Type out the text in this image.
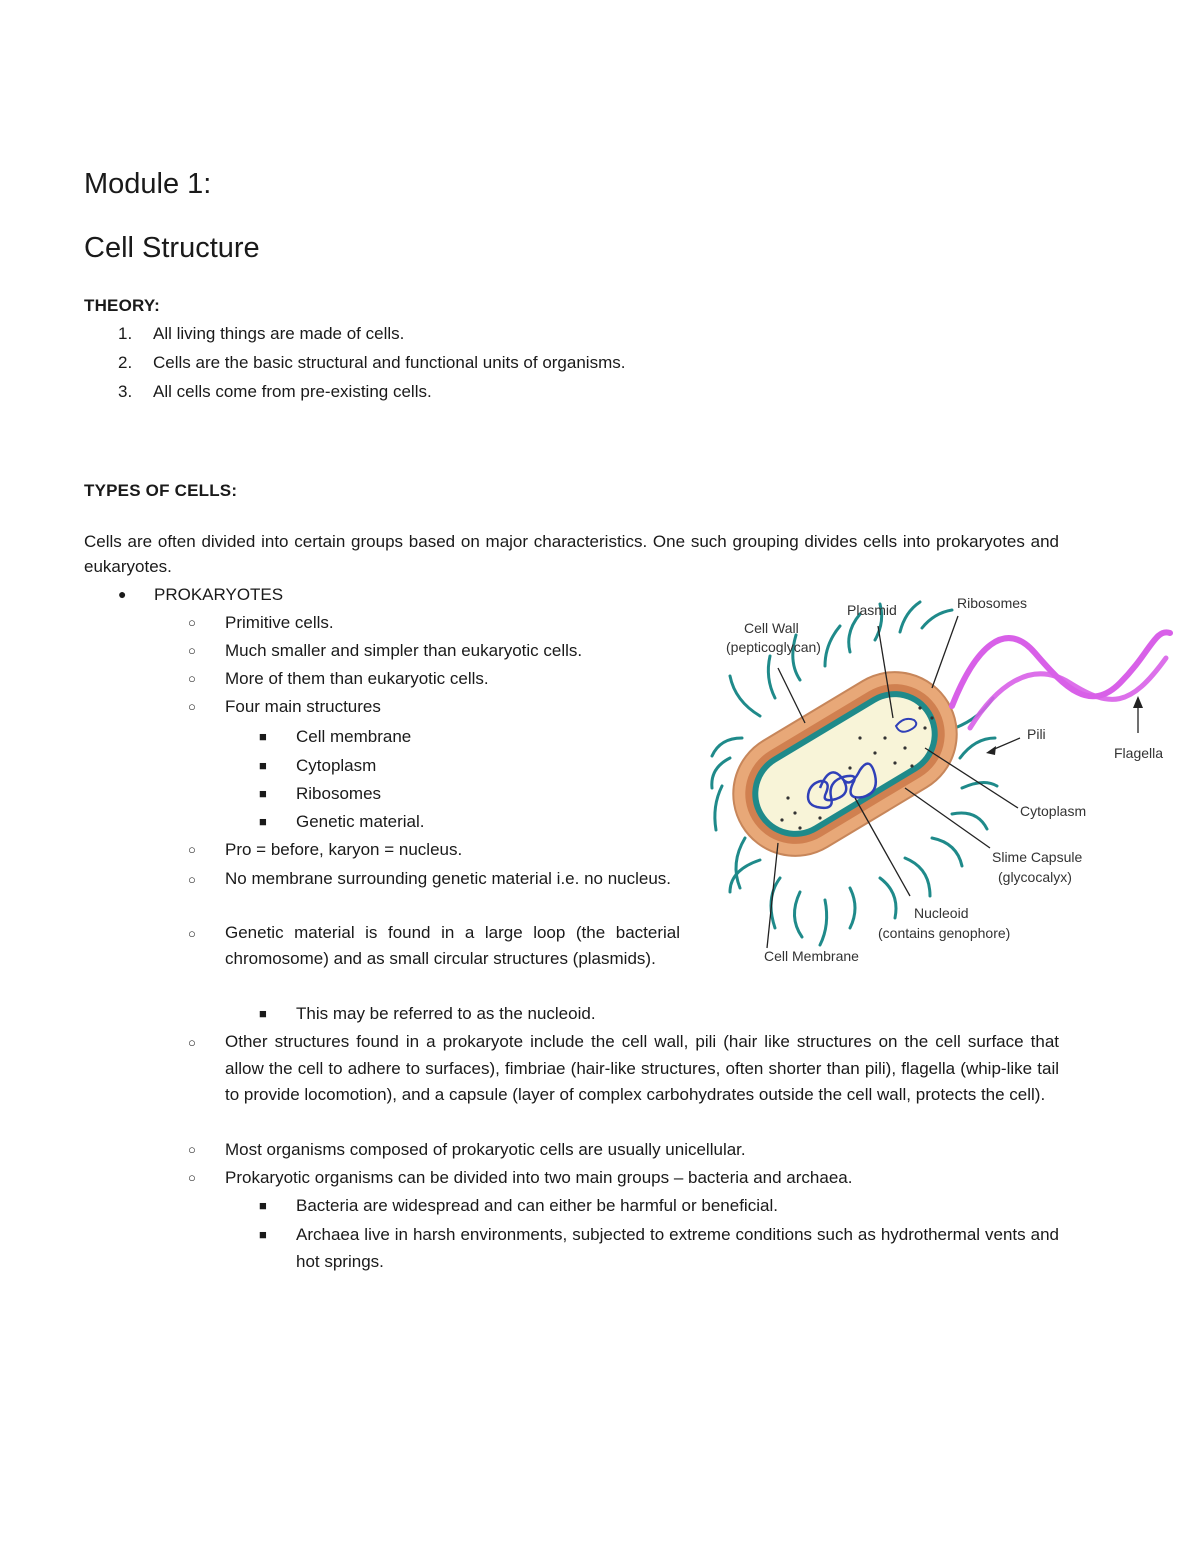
Module 1:
Cell Structure
THEORY:
1. All living things are made of cells.
2. Cells are the basic structural and functional units of organisms.
3. All cells come from pre-existing cells.
TYPES OF CELLS:

Cells are often divided into certain groups based on major characteristics. One such grouping divides cells into prokaryotes and eukaryotes.

● PROKARYOTES
○ Primitive cells.
○ Much smaller and simpler than eukaryotic cells.
○ More of them than eukaryotic cells.
○ Four main structures
■ Cell membrane
■ Cytoplasm
■ Ribosomes
■ Genetic material.
○ Pro = before, karyon = nucleus.
○ No membrane surrounding genetic material i.e. no nucleus.
○ Genetic material is found in a large loop (the bacterial chromosome) and as small circular structures (plasmids).
■ This may be referred to as the nucleoid.
○ Other structures found in a prokaryote include the cell wall, pili (hair like structures on the cell surface that allow the cell to adhere to surfaces), fimbriae (hair-like structures, often shorter than pili), flagella (whip-like tail to provide locomotion), and a capsule (layer of complex carbohydrates outside the cell wall, protects the cell).
○ Most organisms composed of prokaryotic cells are usually unicellular.
○ Prokaryotic organisms can be divided into two main groups – bacteria and archaea.
■ Bacteria are widespread and can either be harmful or beneficial.
■ Archaea live in harsh environments, subjected to extreme conditions such as hydrothermal vents and hot springs.
Cell Wall
(pepticoglycan)
Plasmid	Ribosomes
Pili
Flagella
Cytoplasm
Slime Capsule
(glycocalyx)
Nucleoid
(contains genophore)
Cell Membrane
